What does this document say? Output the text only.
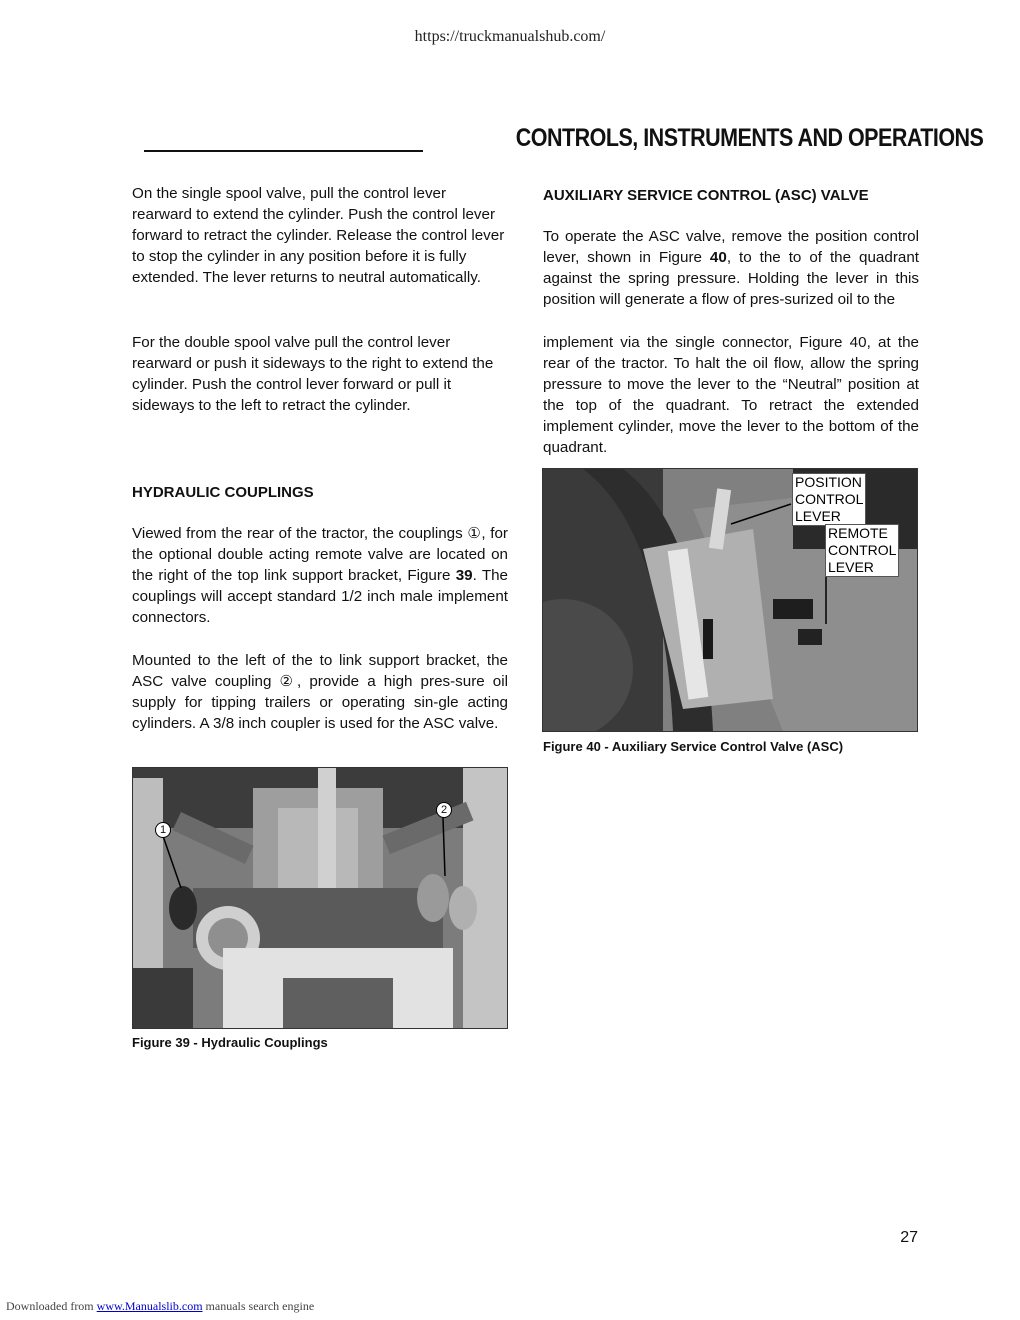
https://truckmanualshub.com/
CONTROLS, INSTRUMENTS AND OPERATIONS

On the single spool valve, pull the control lever rearward to extend the cylinder. Push the control lever forward to retract the cylinder. Release the control lever to stop the cylinder in any position before it is fully extended. The lever returns to neutral automatically.

For the double spool valve pull the control lever rearward or push it sideways to the right to extend the cylinder. Push the control lever forward or pull it sideways to the left to retract the cylinder.

HYDRAULIC COUPLINGS

Viewed from the rear of the tractor, the couplings ①, for the optional double acting remote valve are located on the right of the top link support bracket, Figure 39. The couplings will accept standard 1/2 inch male implement connectors.

Mounted to the left of the to link support bracket, the ASC valve coupling ②, provide a high pres-sure oil supply for tipping trailers or operating sin-gle acting cylinders. A 3/8 inch coupler is used for the ASC valve.

1
2
Figure 39 - Hydraulic Couplings
AUXILIARY SERVICE CONTROL (ASC) VALVE

To operate the ASC valve, remove the position control lever, shown in Figure 40, to the to of the quadrant against the spring pressure. Holding the lever in this position will generate a flow of pres-surized oil to the

implement via the single connector, Figure 40, at the rear of the tractor. To halt the oil flow, allow the spring pressure to move the lever to the “Neutral” position at the top of the quadrant. To retract the extended implement cylinder, move the lever to the bottom of the quadrant.

POSITION
CONTROL
LEVER
REMOTE
CONTROL
LEVER
Figure 40 - Auxiliary Service Control Valve (ASC)
27
Downloaded from www.Manualslib.com manuals search engine
